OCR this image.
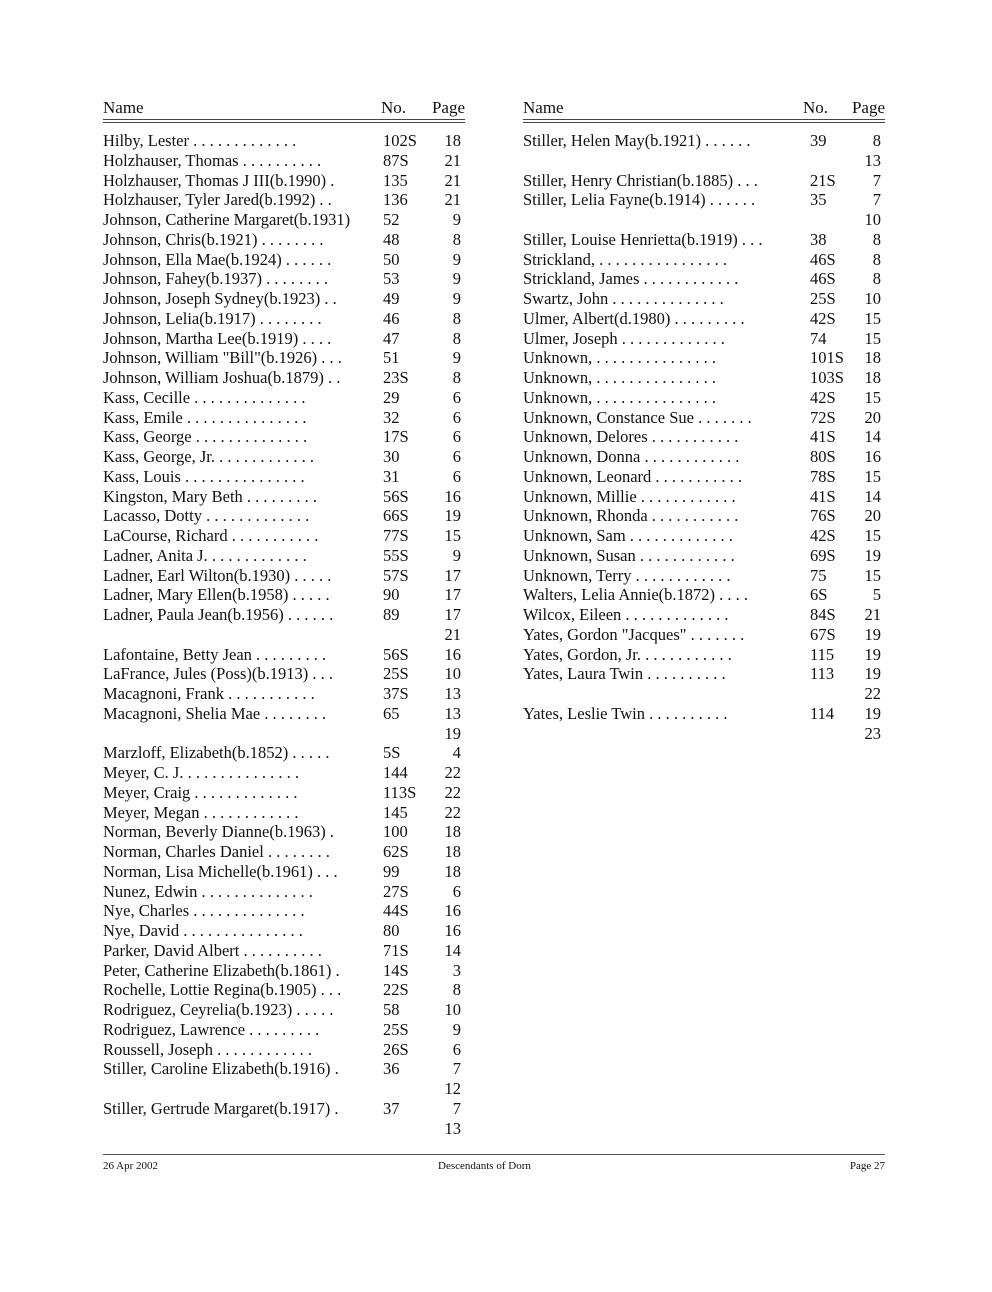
Name	No. Page
Hilby, Lester . . . . . . . . . . . . .	102S 18
Holzhauser, Thomas . . . . . . . . . .	87S 21
Holzhauser, Thomas J III(b.1990) .	135 21
Holzhauser, Tyler Jared(b.1992) . .	136 21
Johnson, Catherine Margaret(b.1931) 52	9
Johnson, Chris(b.1921) . . . . . . . .	48	8
Johnson, Ella Mae(b.1924) . . . . . .	50	9
Johnson, Fahey(b.1937) . . . . . . . .	53	9
Johnson, Joseph Sydney(b.1923) . .	49	9
Johnson, Lelia(b.1917) . . . . . . . .	46	8
Johnson, Martha Lee(b.1919) . . . .	47	8
Johnson, William "Bill"(b.1926) . . . 51	9
Johnson, William Joshua(b.1879) . .	23S	8
Kass, Cecille . . . . . . . . . . . . . .	29	6
Kass, Emile . . . . . . . . . . . . . . .	32	6
Kass, George . . . . . . . . . . . . . .	17S	6
Kass, George, Jr. . . . . . . . . . . . .	30	6
Kass, Louis . . . . . . . . . . . . . . .	31	6
Kingston, Mary Beth . . . . . . . . .	56S 16
Lacasso, Dotty . . . . . . . . . . . . .	66S 19
LaCourse, Richard . . . . . . . . . . .	77S 15
Ladner, Anita J. . . . . . . . . . . . .	55S	9
Ladner, Earl Wilton(b.1930) . . . . .	57S 17
Ladner, Mary Ellen(b.1958) . . . . .	90	17
Ladner, Paula Jean(b.1956) . . . . . .	89	17
21
Lafontaine, Betty Jean . . . . . . . . .	56S 16
LaFrance, Jules (Poss)(b.1913) . . .	25S 10
Macagnoni, Frank . . . . . . . . . . .	37S 13
Macagnoni, Shelia Mae . . . . . . . .	65	13
19
Marzloff, Elizabeth(b.1852) . . . . .	5S	4
Meyer, C. J. . . . . . . . . . . . . . .	144 22
Meyer, Craig . . . . . . . . . . . . .	113S 22
Meyer, Megan . . . . . . . . . . . .	145 22
Norman, Beverly Dianne(b.1963) .	100 18
Norman, Charles Daniel . . . . . . . .	62S 18
Norman, Lisa Michelle(b.1961) . . .	99	18
Nunez, Edwin . . . . . . . . . . . . . .	27S	6
Nye, Charles . . . . . . . . . . . . . .	44S 16
Nye, David . . . . . . . . . . . . . . .	80	16
Parker, David Albert . . . . . . . . . .	71S 14
Peter, Catherine Elizabeth(b.1861) .	14S	3
Rochelle, Lottie Regina(b.1905) . . .	22S	8
Rodriguez, Ceyrelia(b.1923) . . . . .	58	10
Rodriguez, Lawrence . . . . . . . . .	25S	9
Roussell, Joseph . . . . . . . . . . . .	26S	6
Stiller, Caroline Elizabeth(b.1916) .	36	7
12
Stiller, Gertrude Margaret(b.1917) .	37	7
13
Name	No. Page
Stiller, Helen May(b.1921) . . . . . .	39	8
13
Stiller, Henry Christian(b.1885) . . .	21S 7
Stiller, Lelia Fayne(b.1914) . . . . . .	35	7
10
Stiller, Louise Henrietta(b.1919) . . .	38	8
Strickland, . . . . . . . . . . . . . . . .	46S 8
Strickland, James . . . . . . . . . . . .	46S 8
Swartz, John . . . . . . . . . . . . . .	25S 10
Ulmer, Albert(d.1980) . . . . . . . . .	42S 15
Ulmer, Joseph . . . . . . . . . . . . .	74 15
Unknown, . . . . . . . . . . . . . . .	101S 18
Unknown, . . . . . . . . . . . . . . .	103S 18
Unknown, . . . . . . . . . . . . . . .	42S 15
Unknown, Constance Sue . . . . . . .	72S 20
Unknown, Delores . . . . . . . . . . .	41S 14
Unknown, Donna . . . . . . . . . . . .	80S 16
Unknown, Leonard . . . . . . . . . . .	78S 15
Unknown, Millie . . . . . . . . . . . .	41S 14
Unknown, Rhonda . . . . . . . . . . .	76S 20
Unknown, Sam . . . . . . . . . . . . .	42S 15
Unknown, Susan . . . . . . . . . . . .	69S 19
Unknown, Terry . . . . . . . . . . . .	75 15
Walters, Lelia Annie(b.1872) . . . .	6S	5
Wilcox, Eileen . . . . . . . . . . . . .	84S 21
Yates, Gordon "Jacques" . . . . . . .	67S 19
Yates, Gordon, Jr. . . . . . . . . . . .	115 19
Yates, Laura Twin . . . . . . . . . .	113 19
22
Yates, Leslie Twin . . . . . . . . . .	114 19
23
26 Apr 2002	Descendants of Dorn	Page 27
